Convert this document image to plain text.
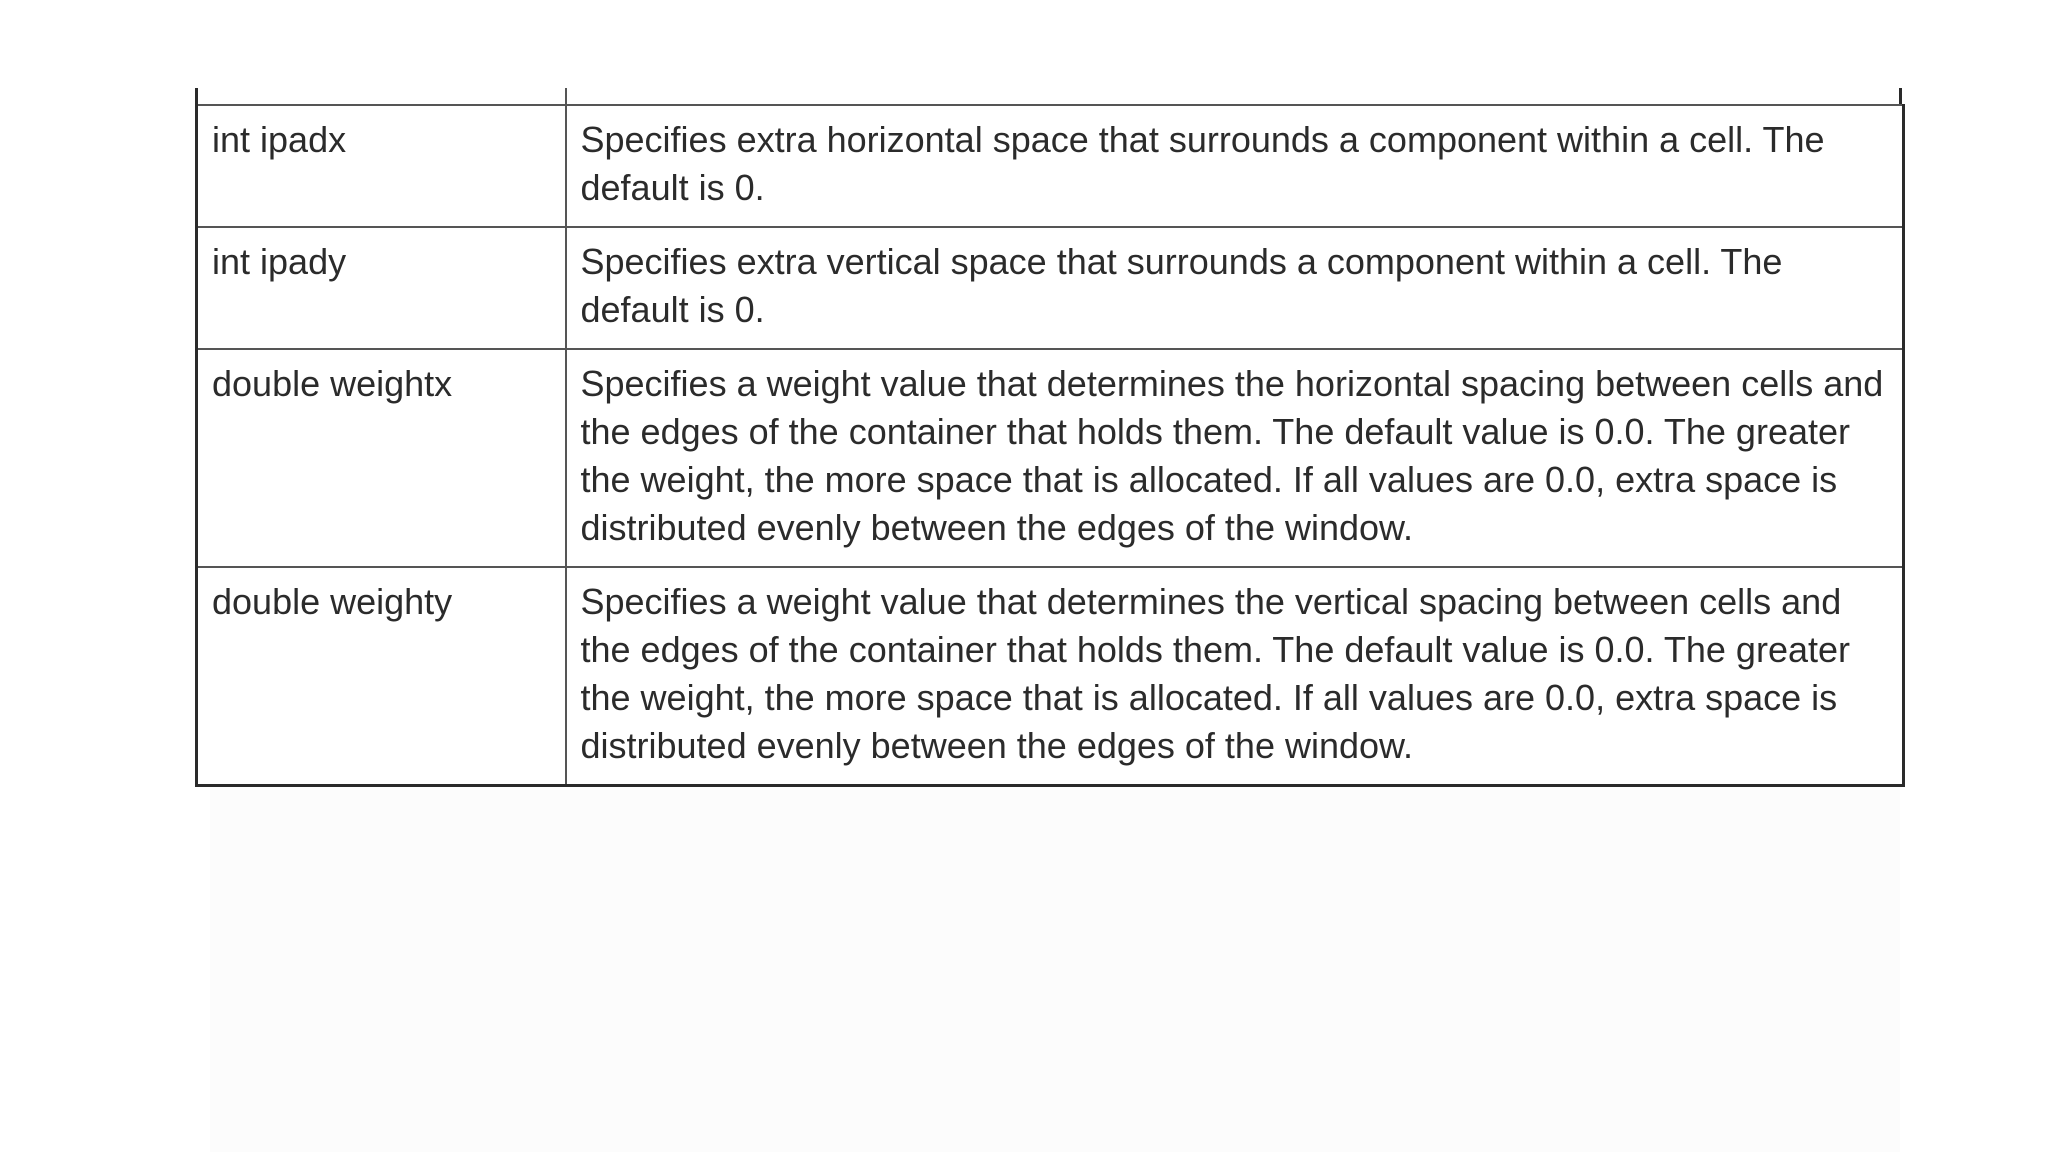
int ipadx	Specifies extra horizontal space that surrounds a component within a cell. The default is 0.
int ipady	Specifies extra vertical space that surrounds a component within a cell. The default is 0.
double weightx	Specifies a weight value that determines the horizontal spacing between cells and the edges of the container that holds them. The default value is 0.0. The greater the weight, the more space that is allocated. If all values are 0.0, extra space is distributed evenly between the edges of the window.
double weighty	Specifies a weight value that determines the vertical spacing between cells and the edges of the container that holds them. The default value is 0.0. The greater the weight, the more space that is allocated. If all values are 0.0, extra space is distributed evenly between the edges of the window.
